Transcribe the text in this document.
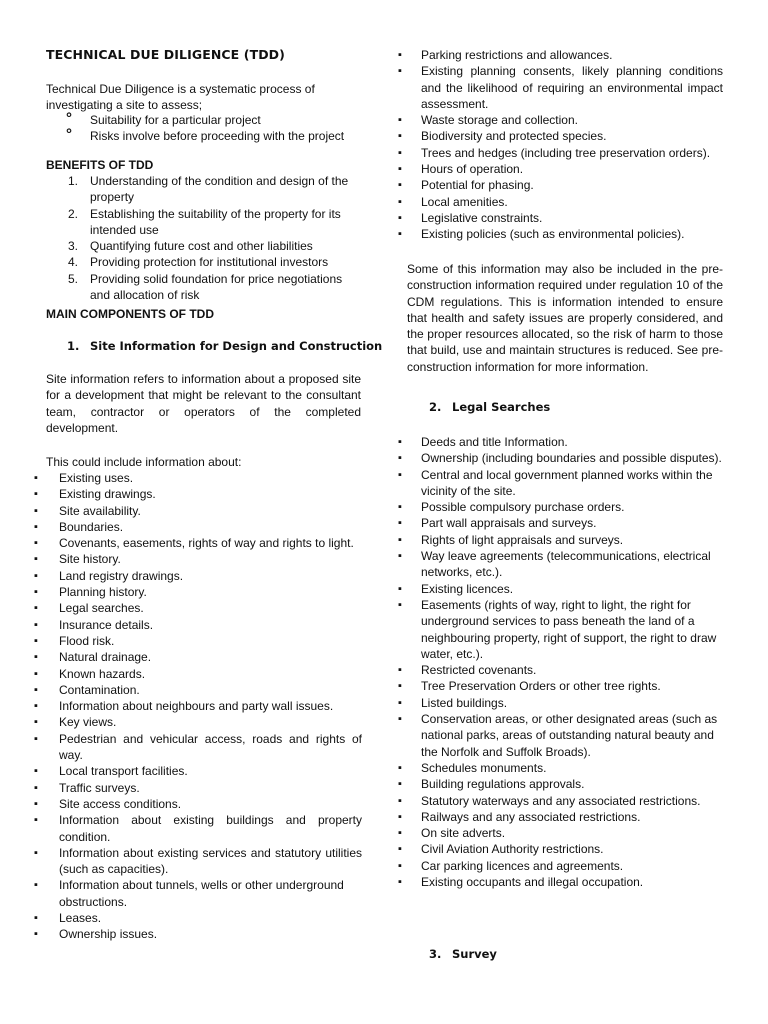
TECHNICAL DUE DILIGENCE (TDD)

Technical Due Diligence is a systematic process of investigating a site to assess;

° Suitability for a particular project
° Risks involve before proceeding with the project
BENEFITS OF TDD
1. Understanding of the condition and design of the property
2. Establishing the suitability of the property for its intended use
3. Quantifying future cost and other liabilities
4. Providing protection for institutional investors
5. Providing solid foundation for price negotiations and allocation of risk
MAIN COMPONENTS OF TDD
1. Site Information for Design and Construction

Site information refers to information about a proposed site for a development that might be relevant to the consultant team, contractor or operators of the completed development.

This could include information about:

▪ Existing uses.
▪ Existing drawings.
▪ Site availability.
▪ Boundaries.
▪ Covenants, easements, rights of way and rights to light.
▪ Site history.
▪ Land registry drawings.
▪ Planning history.
▪ Legal searches.
▪ Insurance details.
▪ Flood risk.
▪ Natural drainage.
▪ Known hazards.
▪ Contamination.
▪ Information about neighbours and party wall issues.
▪ Key views.
▪ Pedestrian and vehicular access, roads and rights of way.
▪ Local transport facilities.
▪ Traffic surveys.
▪ Site access conditions.
▪ Information about existing buildings and property condition.
▪ Information about existing services and statutory utilities (such as capacities).
▪ Information about tunnels, wells or other underground obstructions.
▪ Leases.
▪ Ownership issues.
▪ Parking restrictions and allowances.
▪ Existing planning consents, likely planning conditions and the likelihood of requiring an environmental impact assessment.
▪ Waste storage and collection.
▪ Biodiversity and protected species.
▪ Trees and hedges (including tree preservation orders).
▪ Hours of operation.
▪ Potential for phasing.
▪ Local amenities.
▪ Legislative constraints.
▪ Existing policies (such as environmental policies).

Some of this information may also be included in the pre-construction information required under regulation 10 of the CDM regulations. This is information intended to ensure that health and safety issues are properly considered, and the proper resources allocated, so the risk of harm to those that build, use and maintain structures is reduced. See pre-construction information for more information.

2. Legal Searches
▪ Deeds and title Information.
▪ Ownership (including boundaries and possible disputes).
▪ Central and local government planned works within the vicinity of the site.
▪ Possible compulsory purchase orders.
▪ Part wall appraisals and surveys.
▪ Rights of light appraisals and surveys.
▪ Way leave agreements (telecommunications, electrical networks, etc.).
▪ Existing licences.
▪ Easements (rights of way, right to light, the right for underground services to pass beneath the land of a neighbouring property, right of support, the right to draw water, etc.).
▪ Restricted covenants.
▪ Tree Preservation Orders or other tree rights.
▪ Listed buildings.
▪ Conservation areas, or other designated areas (such as national parks, areas of outstanding natural beauty and the Norfolk and Suffolk Broads).
▪ Schedules monuments.
▪ Building regulations approvals.
▪ Statutory waterways and any associated restrictions.
▪ Railways and any associated restrictions.
▪ On site adverts.
▪ Civil Aviation Authority restrictions.
▪ Car parking licences and agreements.
▪ Existing occupants and illegal occupation.
3. Survey
